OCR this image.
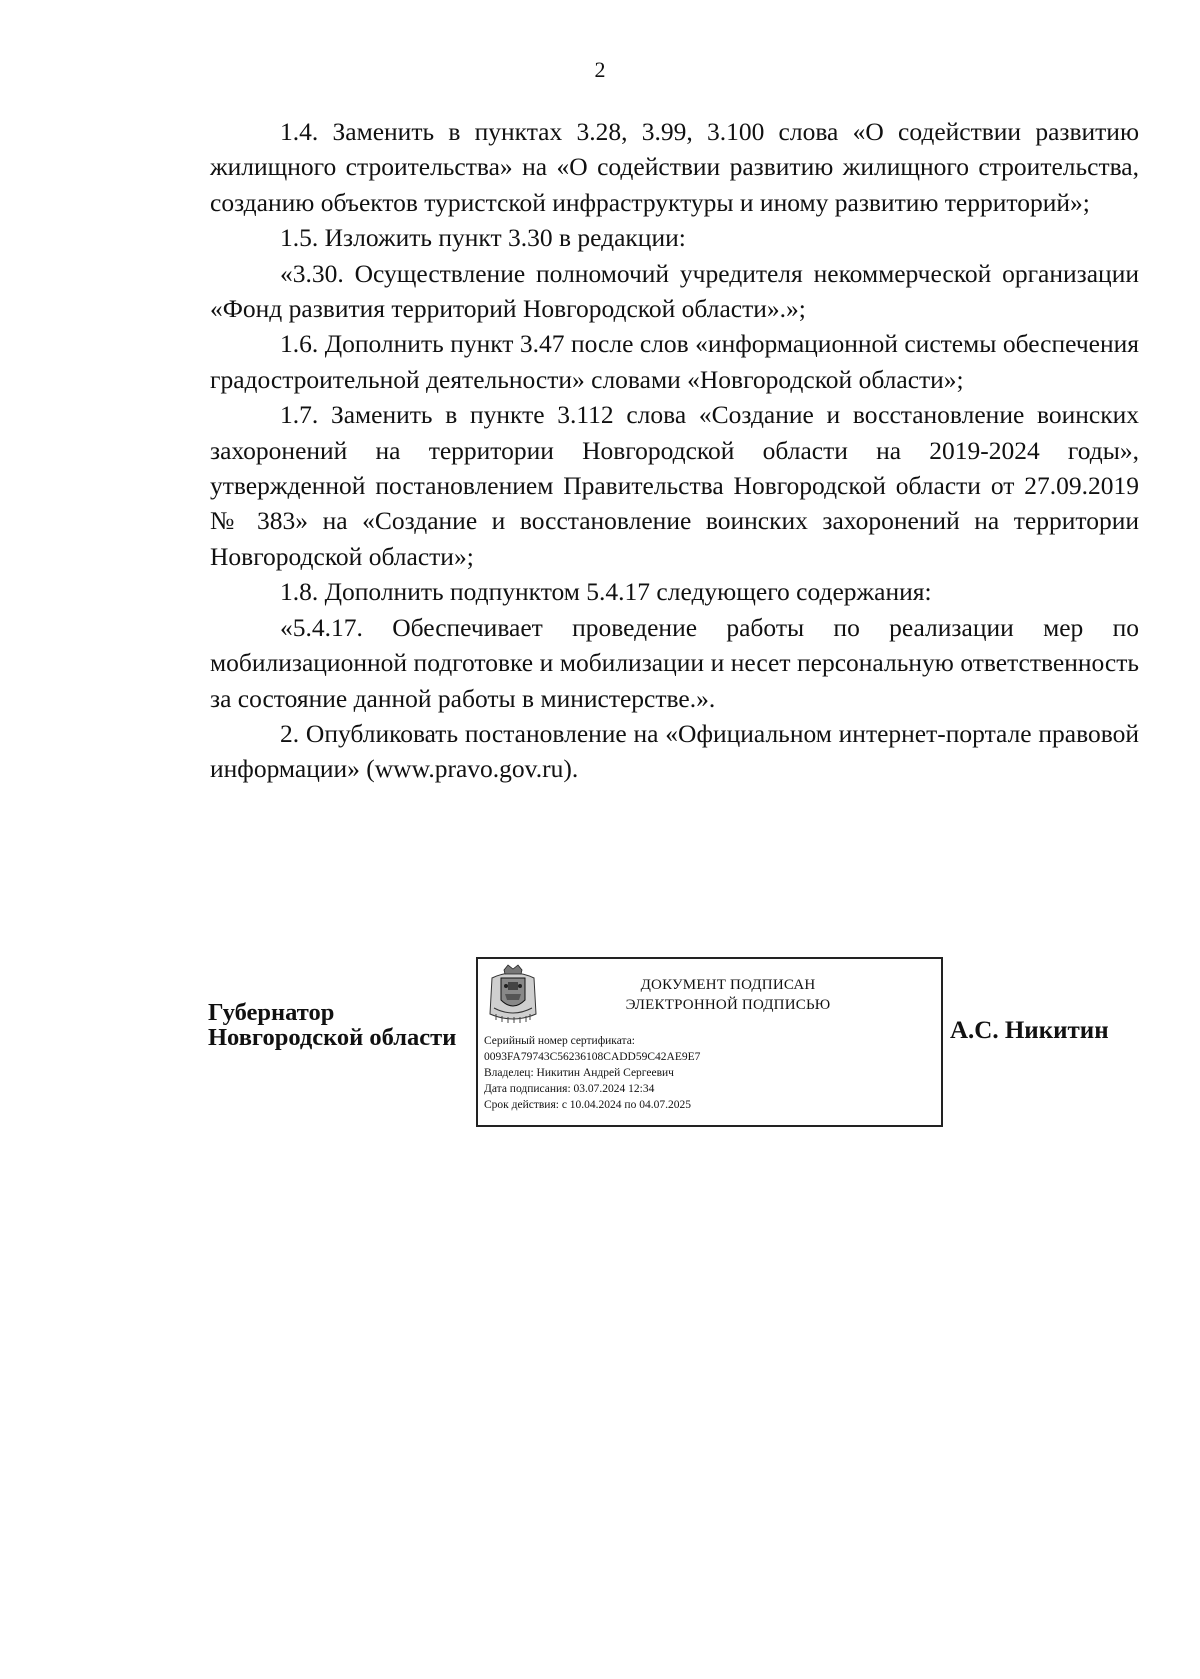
2

1.4. Заменить в пунктах 3.28, 3.99, 3.100 слова «О содействии развитию жилищного строительства» на «О содействии развитию жилищного строительства, созданию объектов туристской инфраструктуры и иному развитию территорий»;

1.5. Изложить пункт 3.30 в редакции:

«3.30. Осуществление полномочий учредителя некоммерческой организации «Фонд развития территорий Новгородской области».»;

1.6. Дополнить пункт 3.47 после слов «информационной системы обеспечения градостроительной деятельности» словами «Новгородской области»;

1.7. Заменить в пункте 3.112 слова «Создание и восстановление воинских захоронений на территории Новгородской области на 2019-2024 годы», утвержденной постановлением Правительства Новгородской области от 27.09.2019 № 383» на «Создание и восстановление воинских захоронений на территории Новгородской области»;

1.8. Дополнить подпунктом 5.4.17 следующего содержания:

«5.4.17. Обеспечивает проведение работы по реализации мер по мобилизационной подготовке и мобилизации и несет персональную ответственность за состояние данной работы в министерстве.».

2. Опубликовать постановление на «Официальном интернет-портале правовой информации» (www.pravo.gov.ru).

Губернатор
Новгородской области
ДОКУМЕНТ ПОДПИСАН
ЭЛЕКТРОННОЙ ПОДПИСЬЮ
Серийный номер сертификата:
0093FA79743C56236108CADD59C42AE9E7
Владелец: Никитин Андрей Сергеевич
Дата подписания: 03.07.2024 12:34
Срок действия: с 10.04.2024 по 04.07.2025
А.С. Никитин
